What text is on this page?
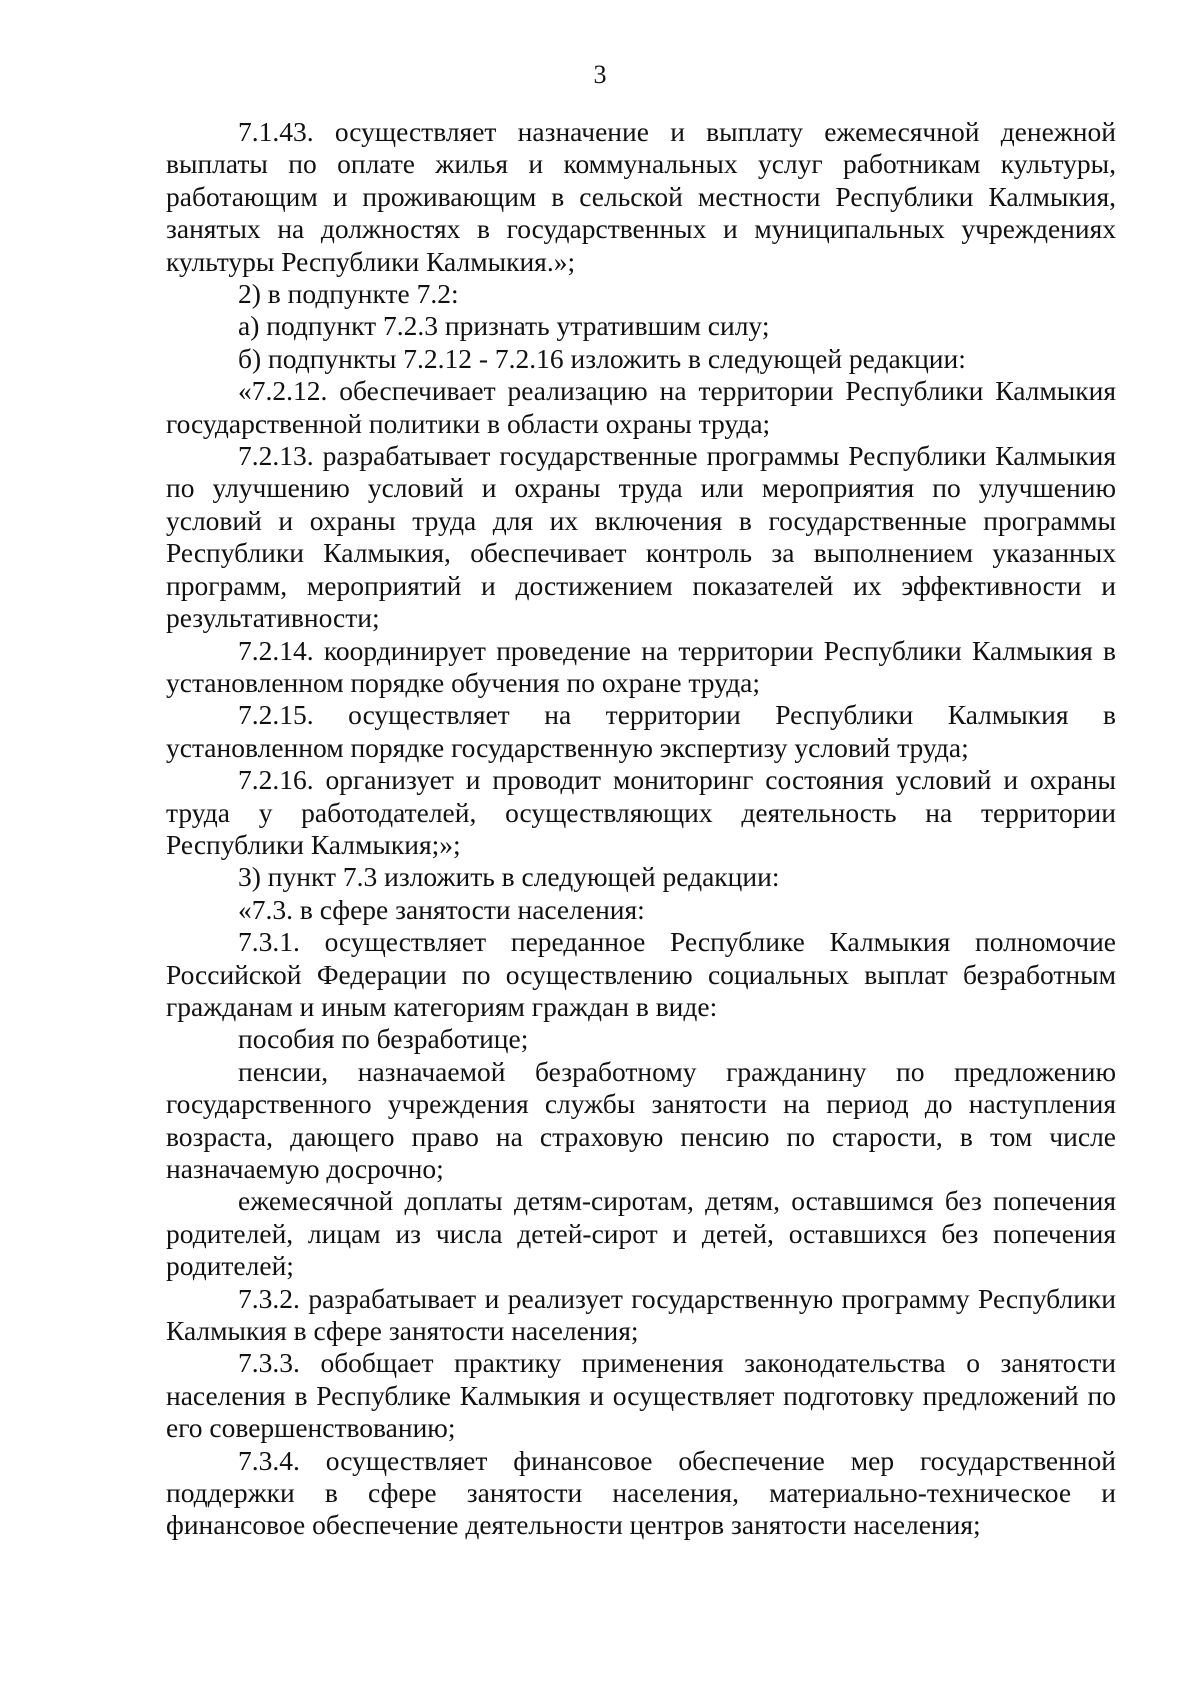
3

7.1.43. осуществляет назначение и выплату ежемесячной денежной выплаты по оплате жилья и коммунальных услуг работникам культуры, работающим и проживающим в сельской местности Республики Калмыкия, занятых на должностях в государственных и муниципальных учреждениях культуры Республики Калмыкия.»;

2) в подпункте 7.2:

а) подпункт 7.2.3 признать утратившим силу;

б) подпункты 7.2.12 - 7.2.16 изложить в следующей редакции:

«7.2.12. обеспечивает реализацию на территории Республики Калмыкия государственной политики в области охраны труда;

7.2.13. разрабатывает государственные программы Республики Калмыкия по улучшению условий и охраны труда или мероприятия по улучшению условий и охраны труда для их включения в государственные программы Республики Калмыкия, обеспечивает контроль за выполнением указанных программ, мероприятий и достижением показателей их эффективности и результативности;

7.2.14. координирует проведение на территории Республики Калмыкия в установленном порядке обучения по охране труда;

7.2.15. осуществляет на территории Республики Калмыкия в установленном порядке государственную экспертизу условий труда;

7.2.16. организует и проводит мониторинг состояния условий и охраны труда у работодателей, осуществляющих деятельность на территории Республики Калмыкия;»;

3) пункт 7.3 изложить в следующей редакции:

«7.3. в сфере занятости населения:

7.3.1. осуществляет переданное Республике Калмыкия полномочие Российской Федерации по осуществлению социальных выплат безработным гражданам и иным категориям граждан в виде:

пособия по безработице;

пенсии, назначаемой безработному гражданину по предложению государственного учреждения службы занятости на период до наступления возраста, дающего право на страховую пенсию по старости, в том числе назначаемую досрочно;

ежемесячной доплаты детям-сиротам, детям, оставшимся без попечения родителей, лицам из числа детей-сирот и детей, оставшихся без попечения родителей;

7.3.2. разрабатывает и реализует государственную программу Республики Калмыкия в сфере занятости населения;

7.3.3. обобщает практику применения законодательства о занятости населения в Республике Калмыкия и осуществляет подготовку предложений по его совершенствованию;

7.3.4. осуществляет финансовое обеспечение мер государственной поддержки в сфере занятости населения, материально-техническое и финансовое обеспечение деятельности центров занятости населения;
